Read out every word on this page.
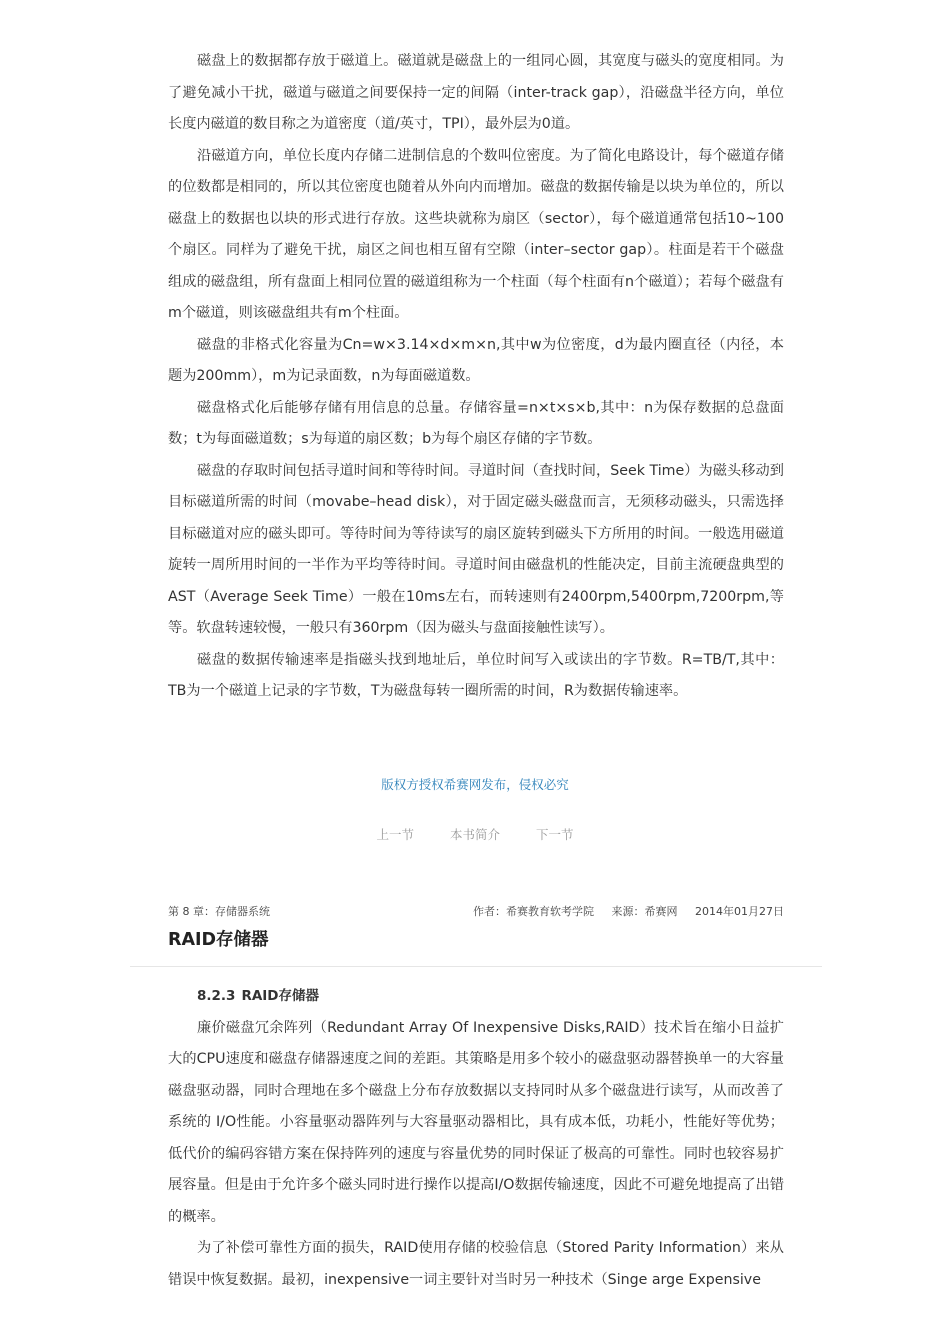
磁盘上的数据都存放于磁道上。磁道就是磁盘上的一组同心圆，其宽度与磁头的宽度相同。为了避免减小干扰，磁道与磁道之间要保持一定的间隔（inter-track gap），沿磁盘半径方向，单位长度内磁道的数目称之为道密度（道/英寸，TPI），最外层为0道。

沿磁道方向，单位长度内存储二进制信息的个数叫位密度。为了简化电路设计，每个磁道存储的位数都是相同的，所以其位密度也随着从外向内而增加。磁盘的数据传输是以块为单位的，所以磁盘上的数据也以块的形式进行存放。这些块就称为扇区（sector），每个磁道通常包括10~100个扇区。同样为了避免干扰，扇区之间也相互留有空隙（inter–sector gap）。柱面是若干个磁盘组成的磁盘组，所有盘面上相同位置的磁道组称为一个柱面（每个柱面有n个磁道）；若每个磁盘有m个磁道，则该磁盘组共有m个柱面。

磁盘的非格式化容量为Cn=w×3.14×d×m×n,其中w为位密度，d为最内圈直径（内径，本题为200mm），m为记录面数，n为每面磁道数。

磁盘格式化后能够存储有用信息的总量。存储容量=n×t×s×b,其中：n为保存数据的总盘面数；t为每面磁道数；s为每道的扇区数；b为每个扇区存储的字节数。

磁盘的存取时间包括寻道时间和等待时间。寻道时间（查找时间，Seek Time）为磁头移动到目标磁道所需的时间（movabe–head disk），对于固定磁头磁盘而言，无须移动磁头，只需选择目标磁道对应的磁头即可。等待时间为等待读写的扇区旋转到磁头下方所用的时间。一般选用磁道旋转一周所用时间的一半作为平均等待时间。寻道时间由磁盘机的性能决定，目前主流硬盘典型的AST（Average Seek Time）一般在10ms左右，而转速则有2400rpm,5400rpm,7200rpm,等等。软盘转速较慢，一般只有360rpm（因为磁头与盘面接触性读写）。

磁盘的数据传输速率是指磁头找到地址后，单位时间写入或读出的字节数。R=TB/T,其中：TB为一个磁道上记录的字节数，T为磁盘每转一圈所需的时间，R为数据传输速率。

版权方授权希赛网发布，侵权必究
上一节	本书简介	下一节
第 8 章：存储器系统	作者：希赛教育软考学院 来源：希赛网 2014年01月27日
RAID存储器

8.2.3 RAID存储器

廉价磁盘冗余阵列（Redundant Array Of Inexpensive Disks,RAID）技术旨在缩小日益扩大的CPU速度和磁盘存储器速度之间的差距。其策略是用多个较小的磁盘驱动器替换单一的大容量磁盘驱动器，同时合理地在多个磁盘上分布存放数据以支持同时从多个磁盘进行读写，从而改善了系统的 I/O性能。小容量驱动器阵列与大容量驱动器相比，具有成本低，功耗小，性能好等优势；低代价的编码容错方案在保持阵列的速度与容量优势的同时保证了极高的可靠性。同时也较容易扩展容量。但是由于允许多个磁头同时进行操作以提高I/O数据传输速度，因此不可避免地提高了出错的概率。

为了补偿可靠性方面的损失，RAID使用存储的校验信息（Stored Parity Information）来从错误中恢复数据。最初，inexpensive一词主要针对当时另一种技术（Singe arge Expensive
